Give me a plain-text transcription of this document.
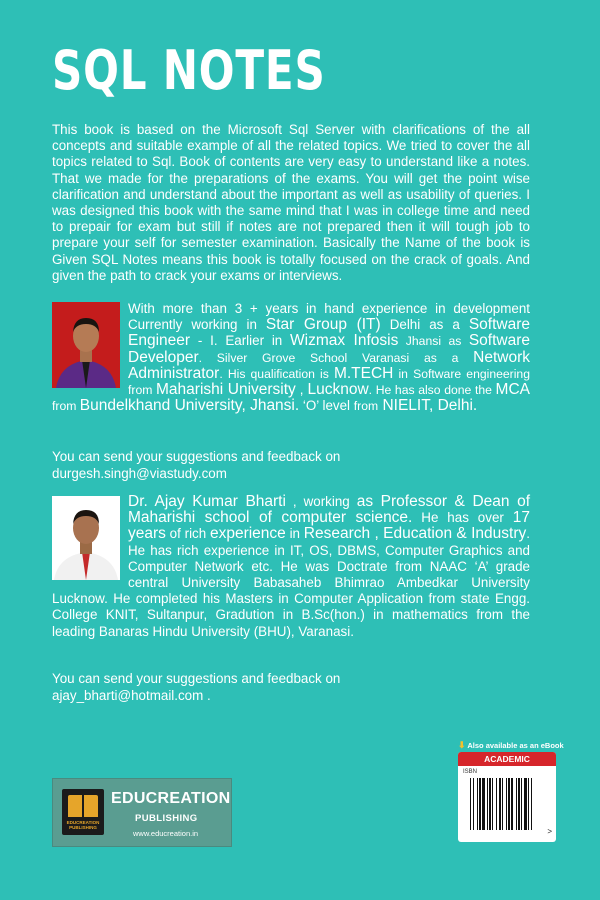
SQL NOTES

This book is based on the Microsoft Sql Server with clarifications of the all concepts and suitable example of all the related topics. We tried to cover the all topics related to Sql. Book of contents are very easy to understand like a notes. That we made for the preparations of the exams. You will get the point wise clarification and understand about the important as well as usability of queries. I was designed this book with the same mind that I was in college time and need to prepair for exam but still if notes are not prepared then it will tough job to prepare your self for semester examination. Basically the Name of the book is Given SQL Notes means this book is totally focused on the crack of goals. And given the path to crack your exams or interviews.

With more than 3 + years in hand experience in development Currently working in Star Group (IT) Delhi as a Software Engineer - I. Earlier in Wizmax Infosis Jhansi as Software Developer. Silver Grove School Varanasi as a Network Administrator. His qualification is M.TECH in Software engineering from Maharishi University , Lucknow. He has also done the MCA from Bundelkhand University, Jhansi. ‘O’ level from NIELIT, Delhi.

You can send your suggestions and feedback on
durgesh.singh@viastudy.com

Dr. Ajay Kumar Bharti , working as Professor & Dean of Maharishi school of computer science. He has over 17 years of rich experience in Research , Education & Industry. He has rich experience in IT, OS, DBMS, Computer Graphics and Computer Network etc. He was Doctrate from NAAC ‘A’ grade central University Babasaheb Bhimrao Ambedkar University Lucknow. He completed his Masters in Computer Application from state Engg. College KNIT, Sultanpur, Gradution in B.Sc(hon.) in mathematics from the leading Banaras Hindu University (BHU), Varanasi.

You can send your suggestions and feedback on
ajay_bharti@hotmail.com .

EDUCREATION PUBLISHING
EDUCREATION
PUBLISHING
www.educreation.in
⬇ Also available as an eBook
ACADEMIC
ISBN
>
